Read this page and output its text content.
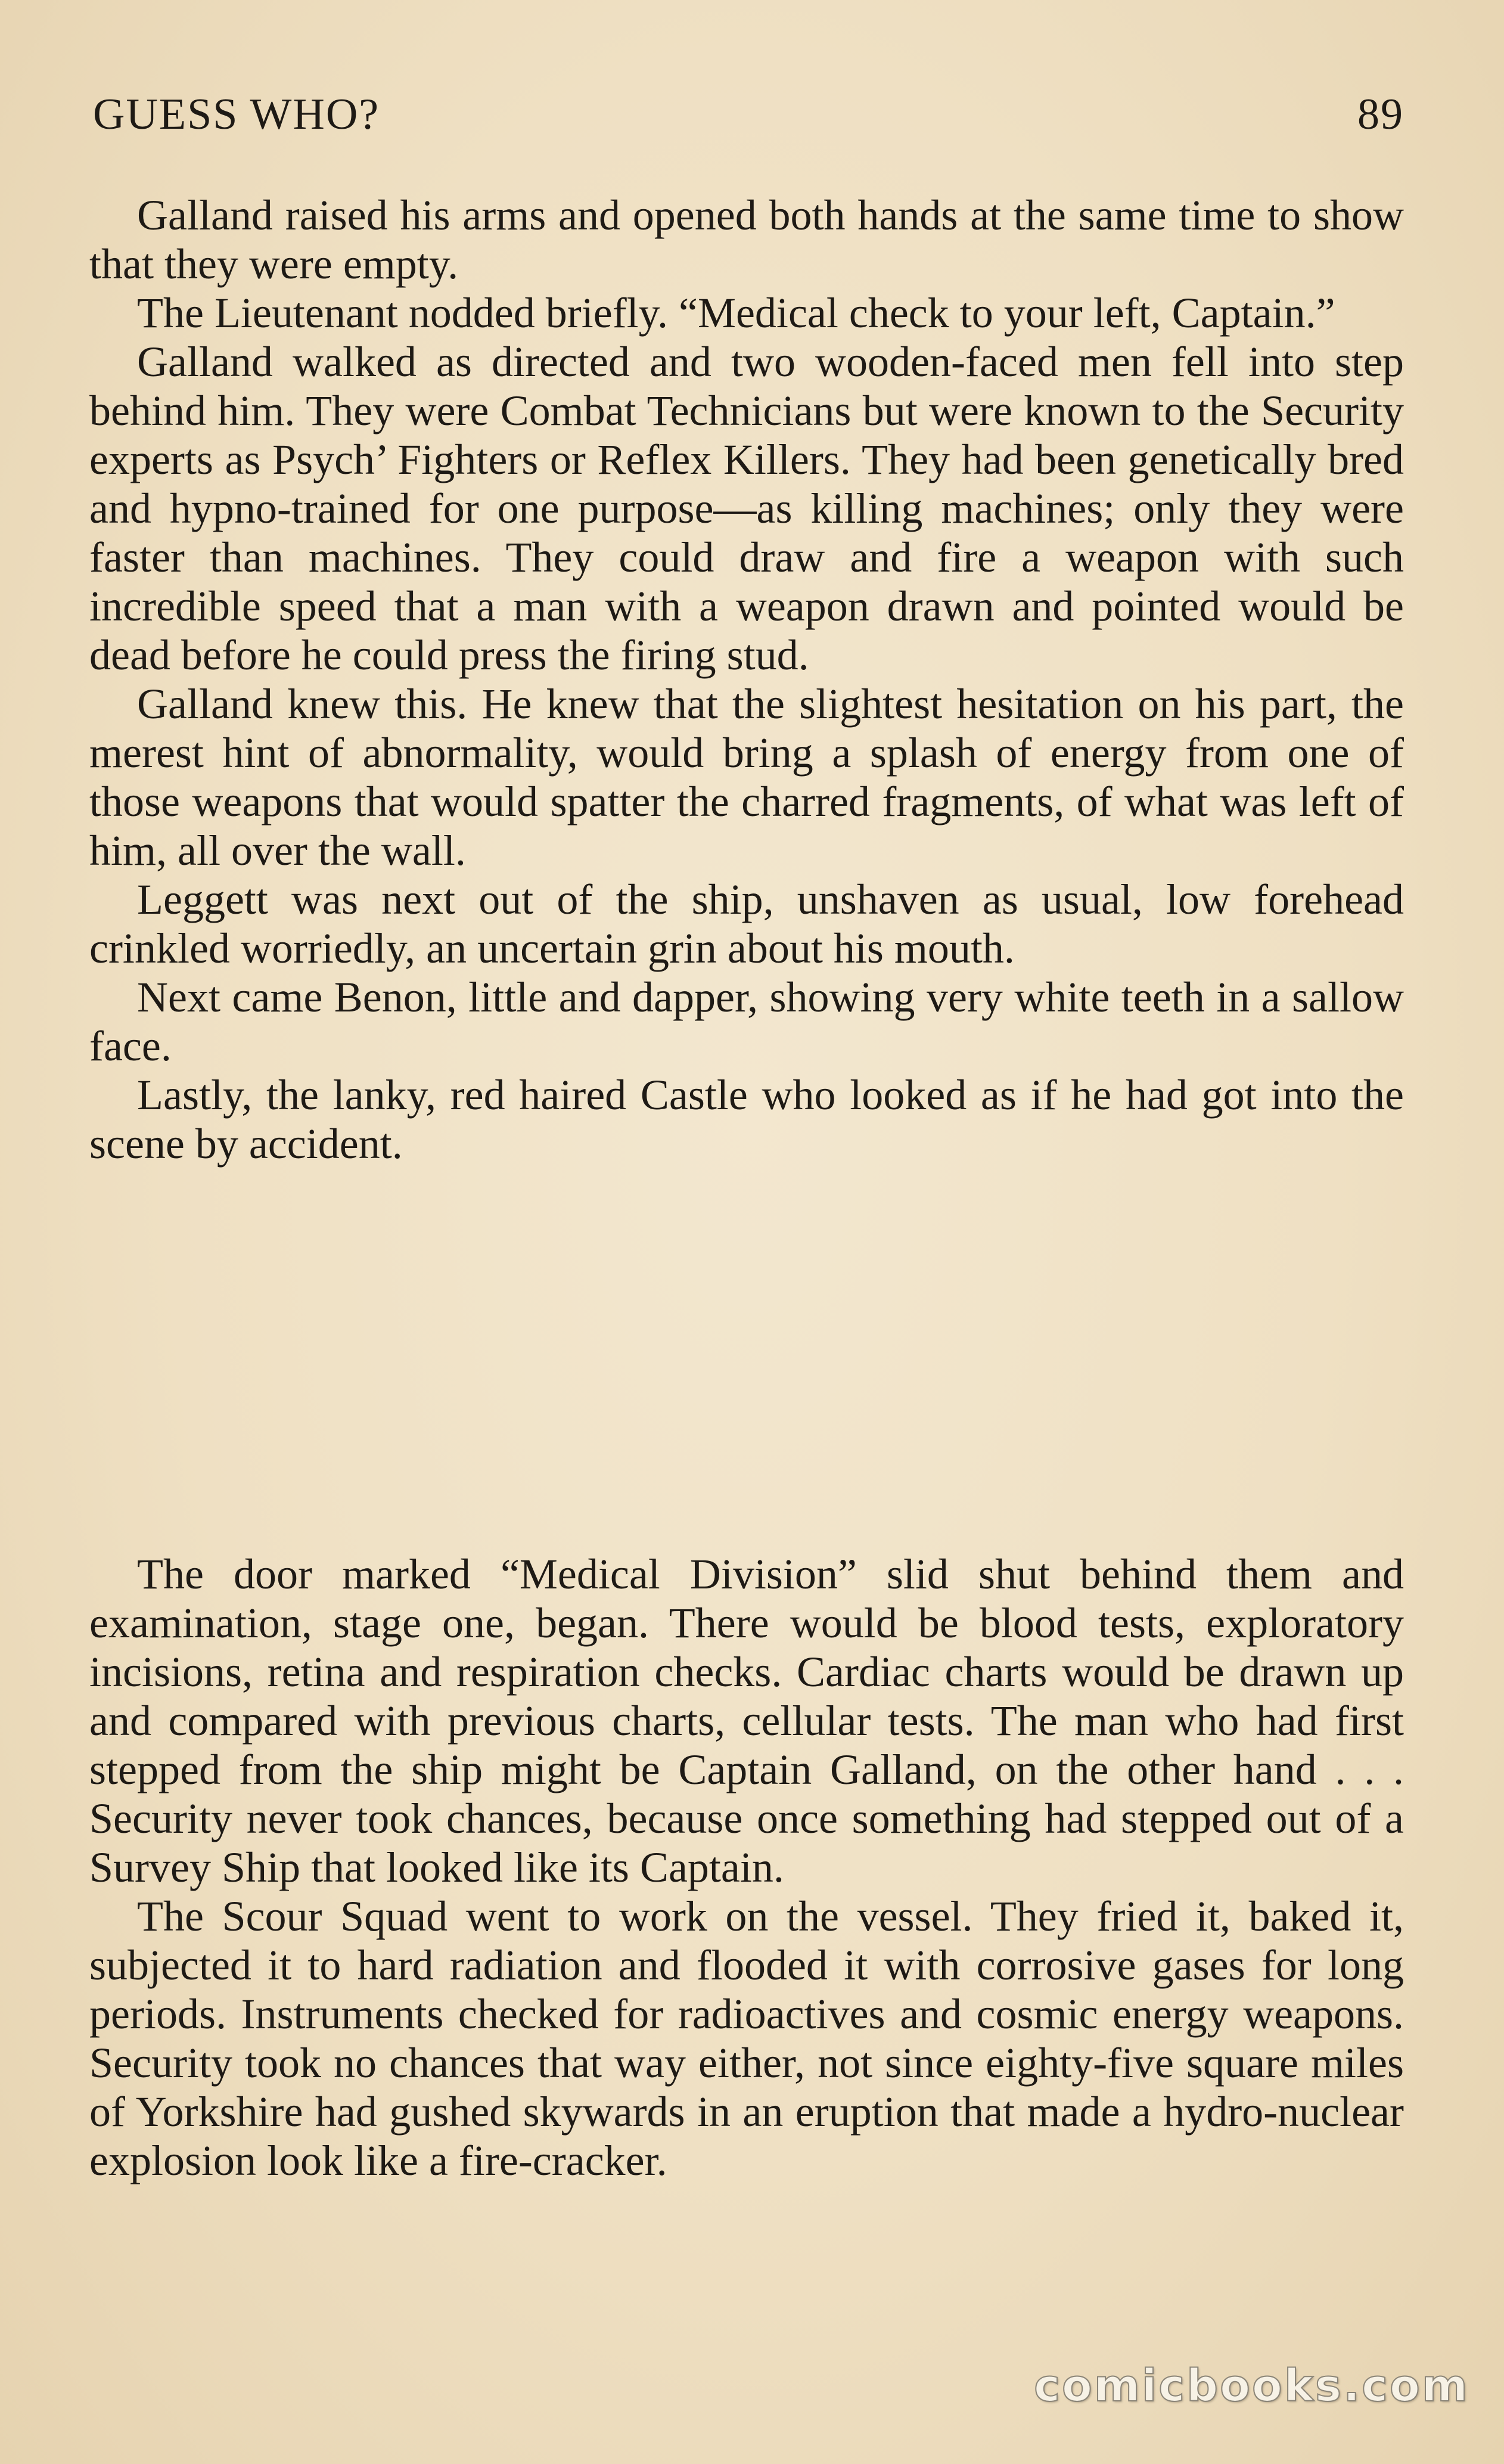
GUESS WHO?	89

Galland raised his arms and opened both hands at the same time to show that they were empty.

The Lieutenant nodded briefly. “Medical check to your left, Captain.”

Galland walked as directed and two wooden-faced men fell into step behind him. They were Combat Technicians but were known to the Security experts as Psych’ Fighters or Reflex Killers. They had been genetically bred and hypno-trained for one purpose—as killing machines; only they were faster than machines. They could draw and fire a weapon with such incredible speed that a man with a weapon drawn and pointed would be dead before he could press the firing stud.

Galland knew this. He knew that the slightest hesitation on his part, the merest hint of abnormality, would bring a splash of energy from one of those weapons that would spatter the charred fragments, of what was left of him, all over the wall.

Leggett was next out of the ship, unshaven as usual, low forehead crinkled worriedly, an uncertain grin about his mouth.

Next came Benon, little and dapper, showing very white teeth in a sallow face.

Lastly, the lanky, red haired Castle who looked as if he had got into the scene by accident.

The door marked “Medical Division” slid shut behind them and examination, stage one, began. There would be blood tests, exploratory incisions, retina and respiration checks. Cardiac charts would be drawn up and compared with previous charts, cellular tests. The man who had first stepped from the ship might be Captain Galland, on the other hand . . . Security never took chances, because once something had stepped out of a Survey Ship that looked like its Captain.

The Scour Squad went to work on the vessel. They fried it, baked it, subjected it to hard radiation and flooded it with corrosive gases for long periods. Instruments checked for radioactives and cosmic energy weapons. Security took no chances that way either, not since eighty-five square miles of Yorkshire had gushed skywards in an eruption that made a hydro-nuclear explosion look like a fire-cracker.

comicbooks.com
